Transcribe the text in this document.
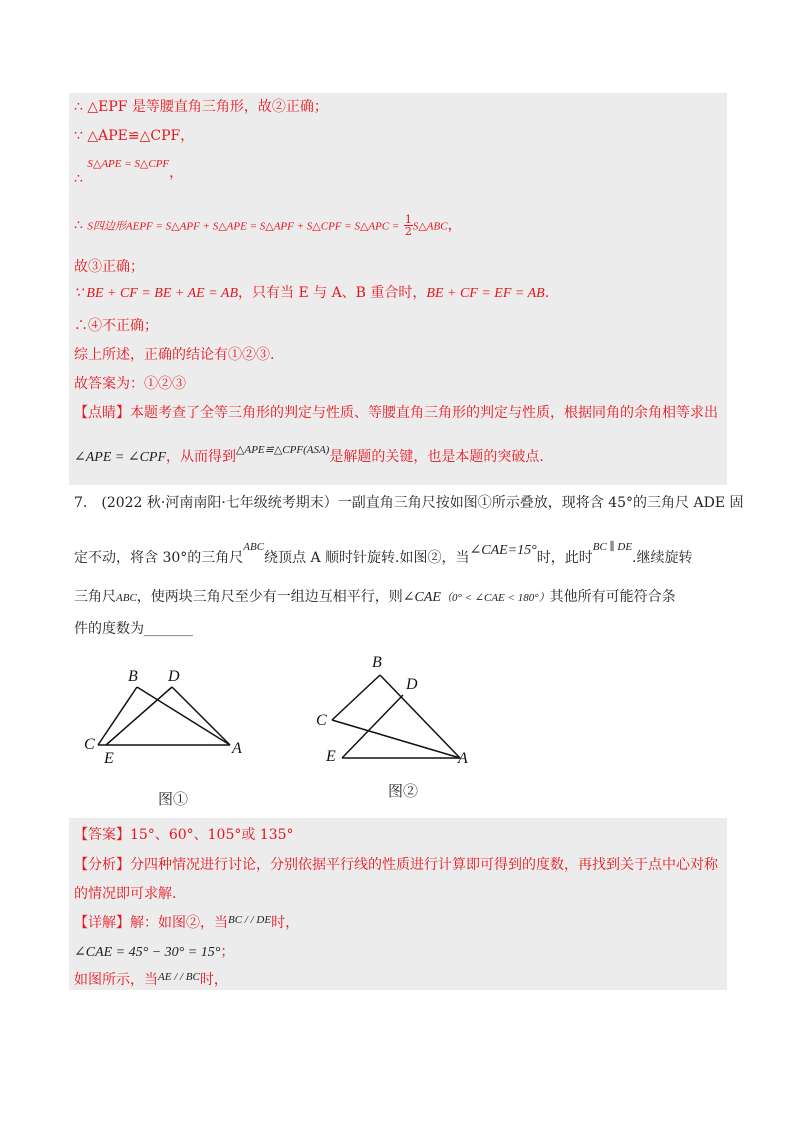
∴ △EPF 是等腰直角三角形，故②正确；
∵ △APE≌△CPF，
∴ $^{S\triangle APE = S\triangle CPF}$，
∴ S四边形AEPF = S△APF + S△APE = S△APF + S△CPF = S△APC = $\frac{1}{2}$ S△ABC，
故③正确；
∵ BE + CF = BE + AE = AB，只有当 E 与 A、B 重合时，BE + CF = EF = AB.
∴④不正确；
综上所述，正确的结论有①②③.
故答案为：①②③
【点睛】本题考查了全等三角形的判定与性质、等腰直角三角形的判定与性质，根据同角的余角相等求出
∠APE = ∠CPF，从而得到$^{\triangle APE≌\triangle CPF(ASA)}$是解题的关键，也是本题的突破点.
7.　(2022 秋·河南南阳·七年级统考期末）一副直角三角尺按如图①所示叠放，现将含 45°的三角尺 ADE 固
定不动，将含 30°的三角尺$^{ABC}$绕顶点 A 顺时针旋转.如图②，当∠CAE=15°时，此时$^{BC \parallel DE}$.继续旋转
三角尺ABC，使两块三角尺至少有一组边互相平行，则∠CAE（0° < ∠CAE < 180°）其他所有可能符合条
件的度数为_______
B D
C
E
A
图①
B
D
C
E	A
图②
【答案】15°、60°、105°或 135°
【分析】分四种情况进行讨论，分别依据平行线的性质进行计算即可得到的度数，再找到关于点中心对称
的情况即可求解.
【详解】解：如图②，当$^{BC / / DE}$时，
∠CAE = 45° − 30° = 15°；
如图所示，当$^{AE / / BC}$时，
